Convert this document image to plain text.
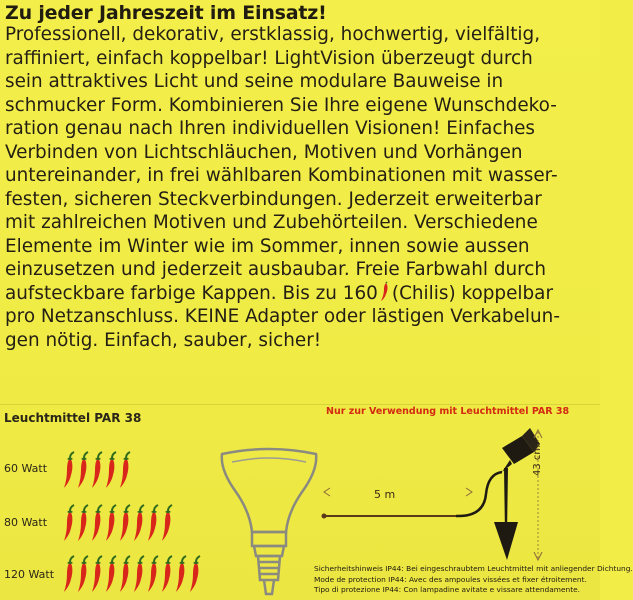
Zu jeder Jahreszeit im Einsatz!
Professionell, dekorativ, erstklassig, hochwertig, vielfältig,
raffiniert, einfach koppelbar! LightVision überzeugt durch
sein attraktives Licht und seine modulare Bauweise in
schmucker Form. Kombinieren Sie Ihre eigene Wunschdeko-
ration genau nach Ihren individuellen Visionen! Einfaches
Verbinden von Lichtschläuchen, Motiven und Vorhängen
untereinander, in frei wählbaren Kombinationen mit wasser-
festen, sicheren Steckverbindungen. Jederzeit erweiterbar
mit zahlreichen Motiven und Zubehörteilen. Verschiedene
Elemente im Winter wie im Sommer, innen sowie aussen
einzusetzen und jederzeit ausbaubar. Freie Farbwahl durch
aufsteckbare farbige Kappen. Bis zu 160 (Chilis) koppelbar
pro Netzanschluss. KEINE Adapter oder lästigen Verkabelun-
gen nötig. Einfach, sauber, sicher!
Leuchtmittel PAR 38
60 Watt
80 Watt
120 Watt
Nur zur Verwendung mit Leuchtmittel PAR 38
5 m
43 cm
Sicherheitshinweis IP44: Bei eingeschraubtem Leuchtmittel mit anliegender Dichtung.
Mode de protection IP44: Avec des ampoules vissées et fixer étroitement.
Tipo di protezione IP44: Con lampadine avitate e vissare attendamente.
